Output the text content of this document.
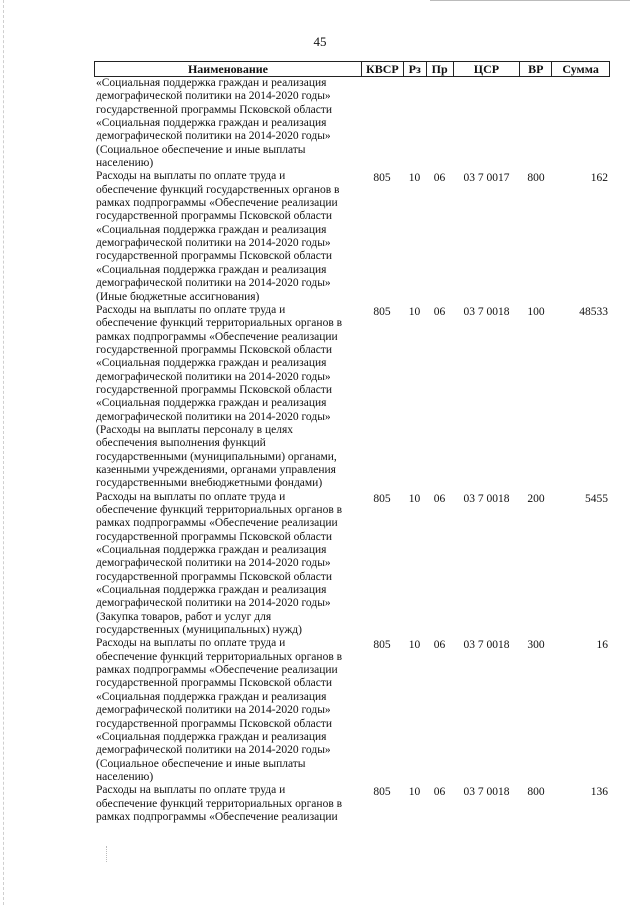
45
Наименование	КВСР Рз Пр	ЦСР	ВР	Сумма
«Социальная поддержка граждан и реализация
демографической политики на 2014-2020 годы»
государственной программы Псковской области
«Социальная поддержка граждан и реализация
демографической политики на 2014-2020 годы»
(Социальное обеспечение и иные выплаты
населению)
Расходы на выплаты по оплате труда и
обеспечение функций государственных органов в
рамках подпрограммы «Обеспечение реализации
государственной программы Псковской области
«Социальная поддержка граждан и реализация
демографической политики на 2014-2020 годы»
государственной программы Псковской области
«Социальная поддержка граждан и реализация
демографической политики на 2014-2020 годы»
(Иные бюджетные ассигнования)
805	10	06	03 7 0017	800	162
Расходы на выплаты по оплате труда и
обеспечение функций территориальных органов в
рамках подпрограммы «Обеспечение реализации
государственной программы Псковской области
«Социальная поддержка граждан и реализация
демографической политики на 2014-2020 годы»
государственной программы Псковской области
«Социальная поддержка граждан и реализация
демографической политики на 2014-2020 годы»
(Расходы на выплаты персоналу в целях
обеспечения выполнения функций
государственными (муниципальными) органами,
казенными учреждениями, органами управления
государственными внебюджетными фондами)
805	10	06	03 7 0018	100	48533
Расходы на выплаты по оплате труда и
обеспечение функций территориальных органов в
рамках подпрограммы «Обеспечение реализации
государственной программы Псковской области
«Социальная поддержка граждан и реализация
демографической политики на 2014-2020 годы»
государственной программы Псковской области
«Социальная поддержка граждан и реализация
демографической политики на 2014-2020 годы»
(Закупка товаров, работ и услуг для
государственных (муниципальных) нужд)
805	10	06	03 7 0018	200	5455
Расходы на выплаты по оплате труда и
обеспечение функций территориальных органов в
рамках подпрограммы «Обеспечение реализации
государственной программы Псковской области
«Социальная поддержка граждан и реализация
демографической политики на 2014-2020 годы»
государственной программы Псковской области
«Социальная поддержка граждан и реализация
демографической политики на 2014-2020 годы»
(Социальное обеспечение и иные выплаты
населению)
805	10	06	03 7 0018	300	16
Расходы на выплаты по оплате труда и
обеспечение функций территориальных органов в
рамках подпрограммы «Обеспечение реализации
805	10	06	03 7 0018	800	136
